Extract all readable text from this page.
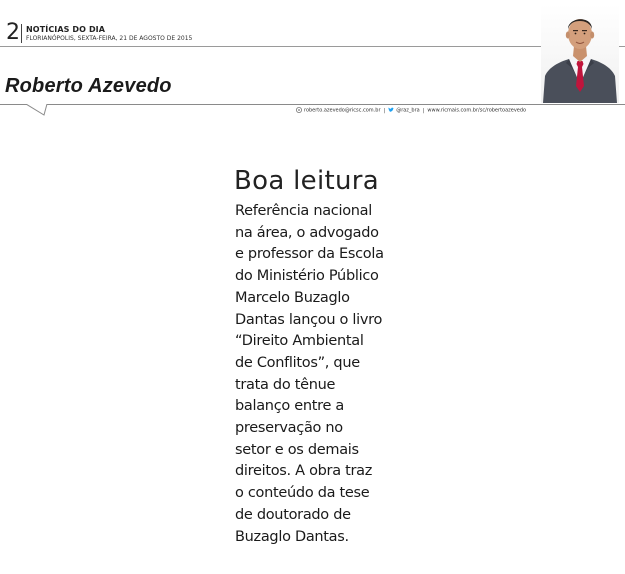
2 NOTÍCIAS DO DIA
FLORIANÓPOLIS, SEXTA-FEIRA, 21 DE AGOSTO DE 2015
Roberto Azevedo
roberto.azevedo@ricsc.com.br | @raz_bra | www.ricmais.com.br/sc/robertoazevedo
Boa leitura
Referência nacional
na área, o advogado
e professor da Escola
do Ministério Público
Marcelo Buzaglo
Dantas lançou o livro
“Direito Ambiental
de Conflitos”, que
trata do tênue
balanço entre a
preservação no
setor e os demais
direitos. A obra traz
o conteúdo da tese
de doutorado de
Buzaglo Dantas.
